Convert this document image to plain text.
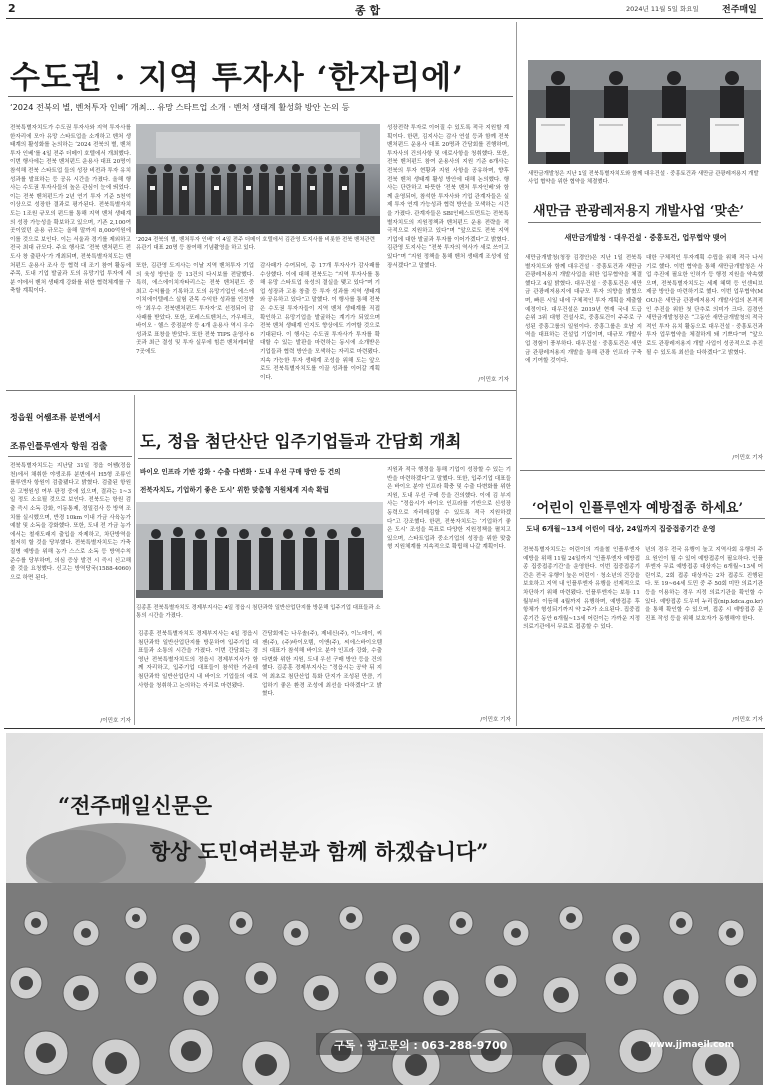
2	종 합	2024년 11월 5일 화요일	전주매일
수도권 · 지역 투자사 ‘한자리에’
‘2024 전북의 별, 벤처투자 인베’ 개최… 유망 스타트업 소개 · 벤처 생태계 활성화 방안 논의 등
‘2024 전북의 별, 벤처투자 인베’ 이 4일 전주 더메이 호텔에서 김관영 도지사를 비롯한 전북 벤처관련 유관기 대표 20명 등 참여해 기념촬영을 하고 있다.
전북특별자치도가 수도권 투자사와 지역 투자사를 한자리에 모아 유망 스타트업을 소개하고 벤처 생태계의 활성화를 논의하는 ‘2024 전북의 별, 벤처투자 인베’를 4일 전주 더메이 호텔에서 개최했다. 이번 행사에는 전북 벤처펀드 운용사 대표 20명이 참석해 전북 스타트업 들의 성장 비전과 투자 유치 성과를 발표하는 등 공유 시간을 가졌다. 올해 행사는 수도권 투자사들의 높은 관심이 눈에 띄었다. 이는 전북 벤처펀드가 2년 연기 투자 기준 5천억 이상으로 성장한 결과로 평가된다. 전북특별자치도는 1조원 규모의 펀드를 통해 지역 벤처 생태계의 성장 가능성을 확보하고 있으며, 기존 2,100여 곳이었던 운용 규모는 올해 말까지 8,000억원에 이를 것으로 보인다. 이는 서울과 경기를 제외하고 전국 최대 규모다. 주요 행사로 ‘전북 벤처펀드 전도사 창 출판사’가 개최되며, 전북특별자치도는 벤처펀드 운용사 조사 등 협력 대 조기 참여 활동에 주목, 도내 기업 발굴과 도의 유망기업 투자에 세 분 야에서 벤처 생태계 강화를 위한 협력체계를 구축할 계획이다.
또한, 김관영 도지사는 이날 지역 벤처투자 기업의 육성 방안을 등 13건의 다시보를 전달했다. 특히, 에스에이치자타리스는 전북 벤처펀드 중 최고 수익률을 기록하고 도의 유망기업인 에스에이치에이텔레스 실험 관목 수익한 성과를 인정받아 ‘최우수 전북벤처펀드 투자자’로 선정되어 감사패를 받았다. 또한, 포레스트벤처스, 가우테크, 바이오 · 헬스 중점분야 등 4개 운용사 역시 우수 성과로 표창을 받았다. 또한 전북 TIPS 운영사 6곳과 최근 결성 및 투자 실무에 힘쓴 벤처캐피탈 7곳에도
감사패가 수여되어, 총 17개 투자사가 감사패를 수상했다. 이에 대해 전북도는 “지역 투자사를 통해 유망 스타트업 육성의 결실을 맺고 있다”며 기업 성장과 고용 창출 등 투자 성과를 지역 생태계와 공유하고 있다”고 말했다. 이 행사를 통해 전북은 수도권 투자자들이 지역 벤처 생태계를 직접 확인하고 유망기업을 발굴하는 계기가 되었으며 전북 벤처 생태계 인지도 향상에도 기여할 것으로 기대된다. 이 행사는 수도권 투자사가 투자를 확대할 수 있는 발판을 마련하는 동시에 소개받은 기업들과 협력 방안을 모색하는 자리로 마련됐다. 지속 가능한 투자 생태계 조성을 위해 도는 앞으로도 전북특별자치도를 이끌 성과를 이어갈 계획이다.
성장전략 투자로 이어질 수 있도록 적극 지원할 계획이다. 한편, 김지사는 감사 연설 등과 함께 전북 벤처펀드 운용사 대표 20명과 간담회를 진행하며, 투자사의 건의사항 및 애로사항을 청취했다. 또한, 전북 벤처펀드 참여 운용사의 지원 기준 6개사는 전북의 투자 현황과 지원 사항을 공유하며, 향후 전북 벤처 생태계 활성 방안에 대해 논의했다. 행사는 단란하고 따뜻한 ‘전북 벤처 투자인베’와 함께 운영되어, 참석한 투자사와 기업 관계자들은 실제 투자 연계 가능성과 협력 방안을 모색하는 시간을 가졌다. 관계자들은 SBI인베스트먼트는 전북특별자치도의 지원정책과 벤처펀드 운용 전략을 적극적으로 지원하고 있다”며 “앞으로도 전북 지역 기업에 대한 발굴과 투자를 이어가겠다”고 밝혔다. 김관영 도지사는 “전북 투자의 역사가 새로 쓰이고 있다”며 “지원 정책을 통해 벤처 생태계 조성에 앞장서겠다”고 말했다.
/이민호 기자
새만금개발청은 지난 1일 전북특별자치도와 함께 대우건설 · 중흥토건과 새만금 관광레저용지 개발사업 협약을 위한 협약을 체결했다.
새만금 관광레저용지 개발사업 ‘맞손’
새만금개발청 · 대우건설 · 중흥토건, 업무협약 맺어
새만금개발청(청장 김경안)은 지난 1일 전북특별자치도와 함께 대우건설 · 중흥토건과 새만금 관광레저용지 개발사업을 위한 업무협약을 체결했다고 4일 밝혔다. 대우건설 · 중흥토건은 새만금 관광레저용지에 대규모 투자 의향을 밝혔으며, 빠른 시일 내에 구체적인 투자 계획을 제출할 예정이다. 대우건설은 2019년 현재 국내 도급 순위 3위 대형 건설사로, 중흥토건이 주주로 구성된 중흥그룹의 일원이다. 중흥그룹은 호남 지역을 대표하는 건설업 기업이며, 대규모 개발사업 경험이 풍부하다. 대우건설 · 중흥토건은 새만금 관광레저용지 개발을 통해 관광 인프라 구축에 기여할 것이다.
대한 구체적인 투자계획 수립을 위해 적극 나서기로 했다. 이번 협약을 통해 새만금개발청은 사업 추진에 필요한 인허가 등 행정 지원을 약속했으며, 전북특별자치도는 세제 혜택 등 인센티브 제공 방안을 마련하기로 했다. 이번 업무협약(MOU)은 새만금 관광레저용지 개발사업의 본격적인 추진을 위한 첫 단추로 의미가 크다. 김경안 새만금개발청장은 “그동안 새만금개발청의 적극적인 투자 유치 활동으로 대우건설 · 중흥토건과 투자 업무협약을 체결하게 돼 기쁘다”며 “앞으로도 관광레저용지 개발 사업이 성공적으로 추진될 수 있도록 최선을 다하겠다”고 밝혔다.
/이민호 기자
정읍원 어쌤조류 분변에서
조류인플루엔자 항원 검출
전북특별자치도는 지난달 31일 정읍 어쌤(정읍천)에서 채취한 야생조류 분변에서 H5형 조류인플루엔자 항원이 검출됐다고 밝혔다. 검출된 항원은 고병원성 여부 판정 중에 있으며, 결과는 1~3일 정도 소요될 것으로 보인다. 전북도는 항원 검출 즉시 소독 강화, 이동통제, 정밀검사 등 방역 조치를 실시했으며, 반경 10km 이내 가금 사육농가 예찰 및 소독을 강화했다. 또한, 도내 전 가금 농가에서는 철새도래지 출입을 자제하고, 차단방역을 철저히 할 것을 당부했다. 전북특별자치도는 가축질병 예방을 위해 농가 스스로 소독 등 방역수칙 준수를 당부하며, 의심 증상 발견 시 즉시 신고해 줄 것을 요청했다. 신고는 방역당국(1588-4060)으로 하면 된다.
/이민호 기자
도, 정읍 첨단산단 입주기업들과 간담회 개최
바이오 인프라 기반 강화 · 수출 다변화 · 도내 우선 구매 방안 등 건의
전북자치도, 기업하기 좋은 도시’ 위한 맞춤형 지원체계 지속 확립
김종훈 전북특별자치도 경제부지사는 4일 정읍시 첨단과학 일반산업단지를 방문해 입주기업 대표들과 소통의 시간을 가졌다.
김종훈 전북특별자치도 경제부지사는 4일 정읍시 첨단과학 일반산업단지를 방문하여 입주기업 대표들과 소통의 시간을 가졌다. 이번 간담회는 경영난 전북특별자치도의 정읍시 경제부지사가 함께 자리하고, 입주기업 대표들이 참석한 가운데 첨단과학 일반산업단지 내 바이오 기업들의 애로사항을 청취하고 논의하는 자리로 마련됐다.
간담회에는 나우솔(주), 제네신(주), 이노데이, 씨젠(주), (주)바이오템, 이앤(주), 씨에스바이오템의 대표가 참석해 바이오 분야 인프라 강화, 수출 다변화 위한 지원, 도내 우선 구매 방안 등을 건의했다. 김종훈 경제부지사는 “정읍시는 공약 뒤 지역 최초로 첨단산업 특화 단지가 조성된 만큼, 기업하기 좋은 환경 조성에 최선을 다하겠다”고 밝혔다.
지원과 적극 행정을 통해 기업이 성장할 수 있는 기반을 마련하겠다”고 말했다. 또한, 입주기업 대표들은 바이오 분야 인프라 확충 및 수출 다변화를 위한 지원, 도내 우선 구매 등을 건의했다. 이에 김 부지사는 “정읍시가 바이오 인프라를 기반으로 신성장 동력으로 자리매김할 수 있도록 적극 지원하겠다”고 강조했다. 한편, 전북자치도는 ‘기업하기 좋은 도시’ 조성을 목표로 다양한 지원정책을 펼치고 있으며, 스타트업과 중소기업의 성장을 위한 맞춤형 지원체계를 지속적으로 확립해 나갈 계획이다.
/이민호 기자
‘어린이 인플루엔자 예방접종 하세요’
도내 6개월~13세 어린이 대상, 24일까지 집중접종기간 운영
전북특별자치도는 어린이의 겨울철 인플루엔자 예방을 위해 11월 24일까지 ‘인플루엔자 예방접종 집중접종기간’을 운영한다. 이번 집중접종기간은 전국 유행이 높은 어린이 · 청소년의 건강을 보호하고 지역 내 인플루엔자 유행을 선제적으로 차단하기 위해 마련됐다. 인플루엔자는 보통 11월부터 이듬해 4월까지 유행하며, 예방접종 후 항체가 형성되기까지 약 2주가 소요된다. 집중접종기간 동안 6개월~13세 어린이는 가까운 지정의료기관에서 무료로 접종할 수 있다.
년의 경우 전국 유행이 높고 지역사회 유행의 주요 원인이 될 수 있어 예방접종이 필요하다. 인플루엔자 무료 예방접종 대상자는 6개월~13세 어린이로, 2회 접종 대상자는 2차 접종도 진행된다. 또 19~64세 도민 중 주 50회 미만 의료기관 등을 이용하는 경우 지정 의료기관을 확인할 수 있다. 예방접종 도우미 누리집(nip.kdca.go.kr)을 통해 확인할 수 있으며, 접종 시 예방접종 문진표 작성 등을 위해 보호자가 동행해야 한다.
/이민호 기자
“전주매일신문은
항상 도민여러분과 함께 하겠습니다”
구독 · 광고문의 : 063-288-9700	www.jjmaeil.com
